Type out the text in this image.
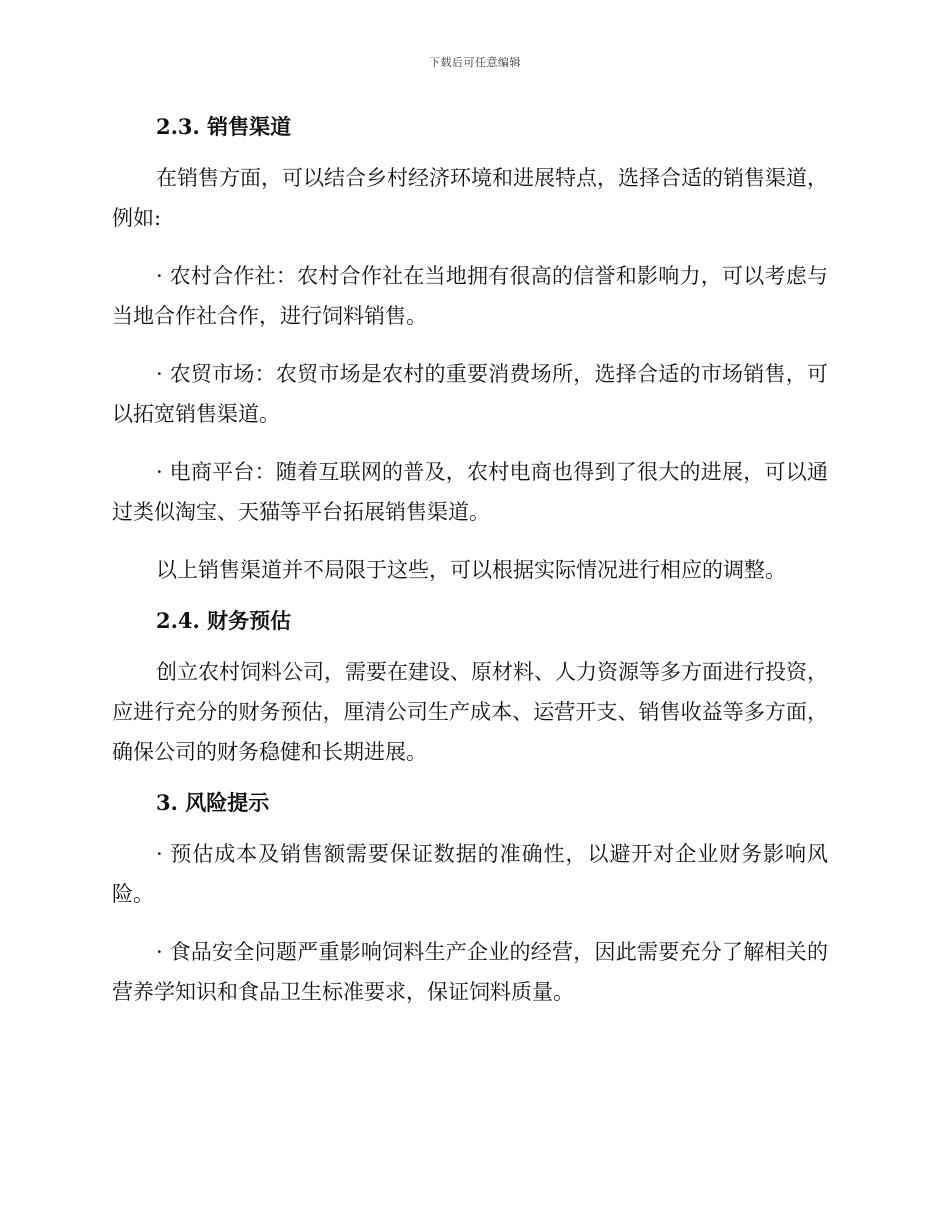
下载后可任意编辑
2.3. 销售渠道

在销售方面，可以结合乡村经济环境和进展特点，选择合适的销售渠道，例如:

· 农村合作社：农村合作社在当地拥有很高的信誉和影响力，可以考虑与当地合作社合作，进行饲料销售。

· 农贸市场：农贸市场是农村的重要消费场所，选择合适的市场销售，可以拓宽销售渠道。

· 电商平台：随着互联网的普及，农村电商也得到了很大的进展，可以通过类似淘宝、天猫等平台拓展销售渠道。

以上销售渠道并不局限于这些，可以根据实际情况进行相应的调整。

2.4. 财务预估

创立农村饲料公司，需要在建设、原材料、人力资源等多方面进行投资，应进行充分的财务预估，厘清公司生产成本、运营开支、销售收益等多方面，确保公司的财务稳健和长期进展。

3. 风险提示

· 预估成本及销售额需要保证数据的准确性，以避开对企业财务影响风险。

· 食品安全问题严重影响饲料生产企业的经营，因此需要充分了解相关的营养学知识和食品卫生标准要求，保证饲料质量。
